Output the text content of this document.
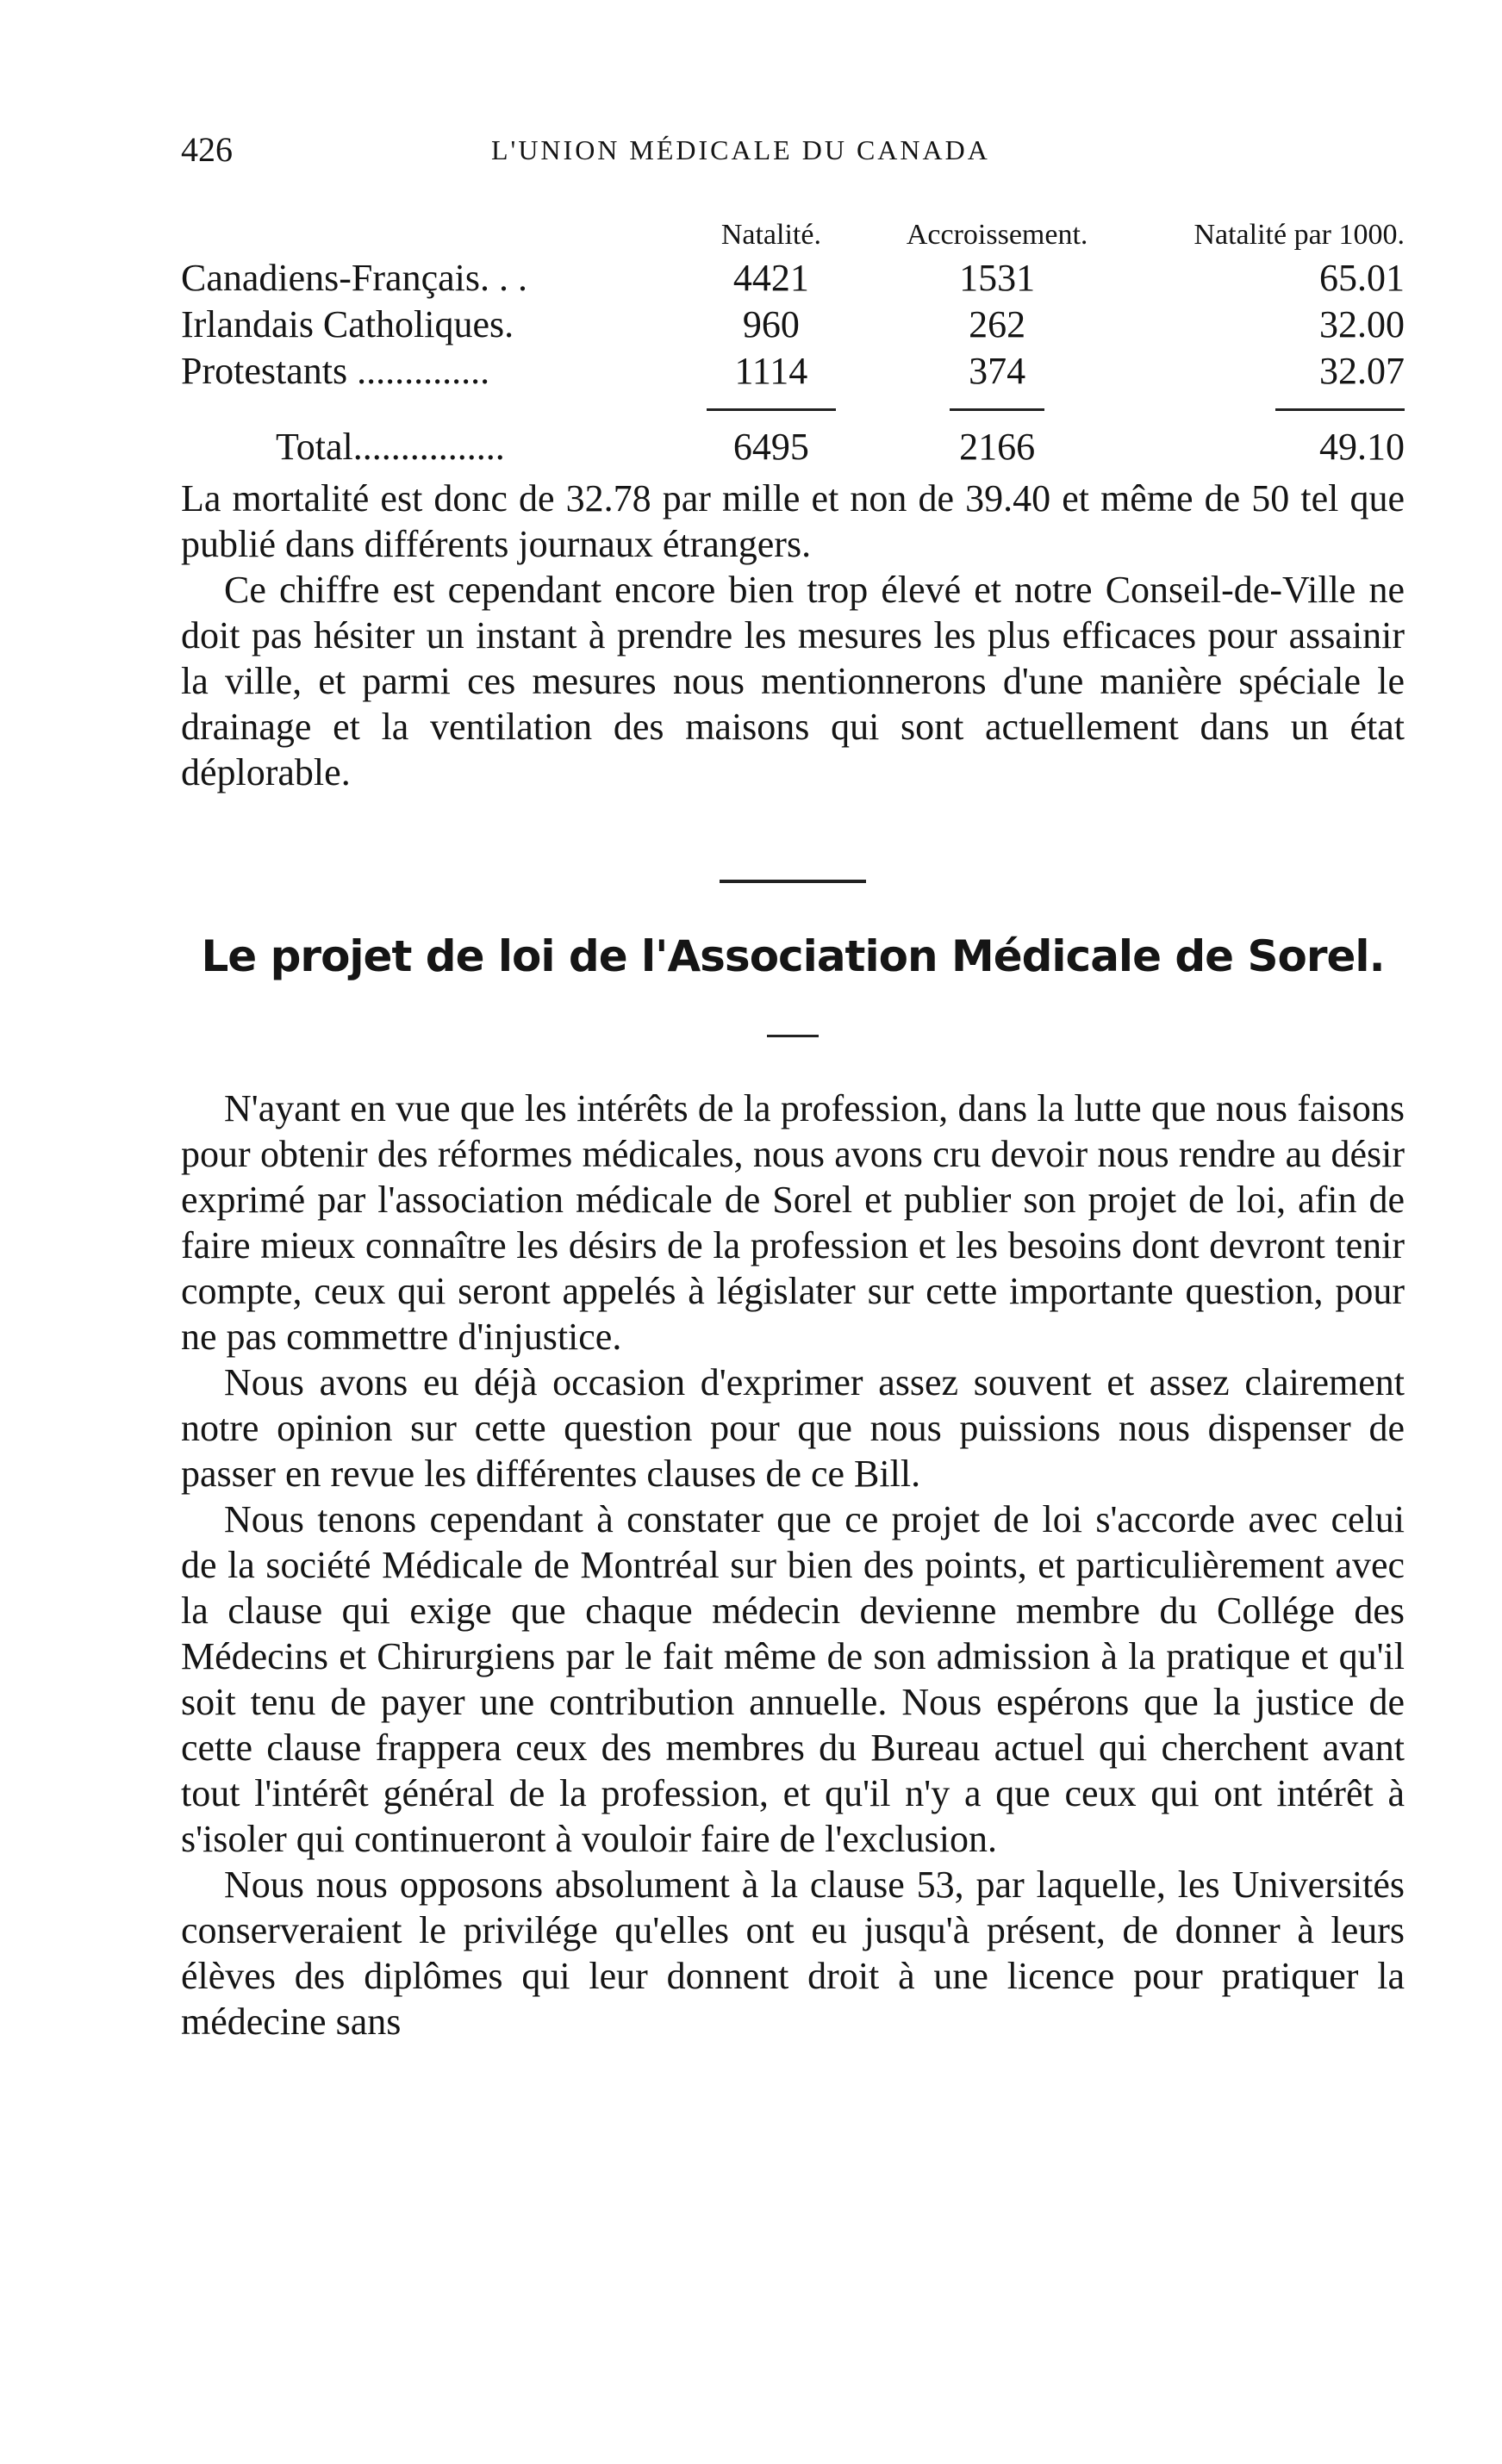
426	L'UNION MÉDICALE DU CANADA
	Natalité.	Accroissement.	Natalité par 1000.
Canadiens-Français. . .	4421	1531	65.01
Irlandais Catholiques.	960	262	32.00
Protestants ..............	1114	374	32.07

Total................	6495	2166	49.10

La mortalité est donc de 32.78 par mille et non de 39.40 et même de 50 tel que publié dans différents journaux étrangers.

Ce chiffre est cependant encore bien trop élevé et notre Conseil-de-Ville ne doit pas hésiter un instant à prendre les mesures les plus efficaces pour assainir la ville, et parmi ces mesures nous mentionnerons d'une manière spéciale le drainage et la ventilation des maisons qui sont actuellement dans un état déplorable.

Le projet de loi de l'Association Médicale de Sorel.

N'ayant en vue que les intérêts de la profession, dans la lutte que nous faisons pour obtenir des réformes médicales, nous avons cru devoir nous rendre au désir exprimé par l'association médicale de Sorel et publier son projet de loi, afin de faire mieux connaître les désirs de la profession et les besoins dont devront tenir compte, ceux qui seront appelés à législater sur cette importante question, pour ne pas commettre d'injustice.

Nous avons eu déjà occasion d'exprimer assez souvent et assez clairement notre opinion sur cette question pour que nous puissions nous dispenser de passer en revue les différentes clauses de ce Bill.

Nous tenons cependant à constater que ce projet de loi s'accorde avec celui de la société Médicale de Montréal sur bien des points, et particulièrement avec la clause qui exige que chaque médecin devienne membre du Collége des Médecins et Chirurgiens par le fait même de son admission à la pratique et qu'il soit tenu de payer une contribution annuelle. Nous espérons que la justice de cette clause frappera ceux des membres du Bureau actuel qui cherchent avant tout l'intérêt général de la profession, et qu'il n'y a que ceux qui ont intérêt à s'isoler qui continueront à vouloir faire de l'exclusion.

Nous nous opposons absolument à la clause 53, par laquelle, les Universités conserveraient le privilége qu'elles ont eu jusqu'à présent, de donner à leurs élèves des diplômes qui leur donnent droit à une licence pour pratiquer la médecine sans
